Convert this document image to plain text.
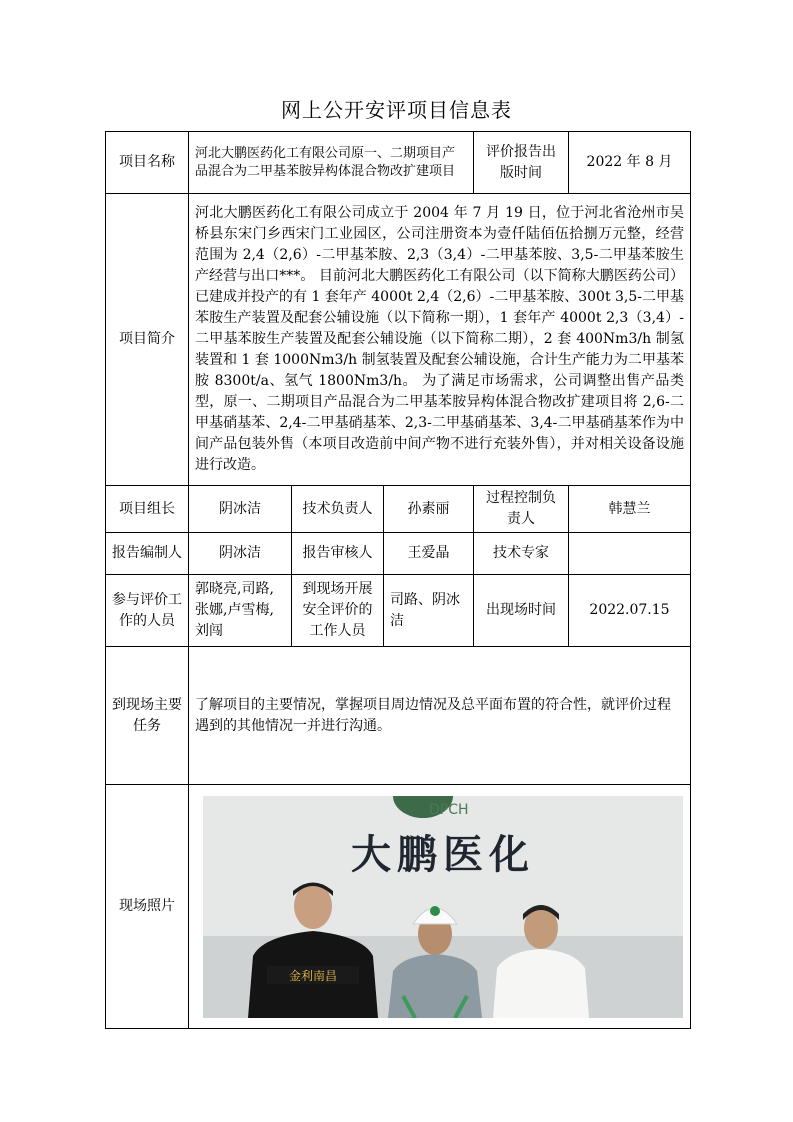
网上公开安评项目信息表
项目名称	河北大鹏医药化工有限公司原一、二期项目产品混合为二甲基苯胺异构体混合物改扩建项目			评价报告出版时间	2022 年 8 月
项目简介	河北大鹏医药化工有限公司成立于 2004 年 7 月 19 日，位于河北省沧州市吴桥县东宋门乡西宋门工业园区，公司注册资本为壹仟陆佰伍拾捌万元整，经营范围为 2,4（2,6）-二甲基苯胺、2,3（3,4）-二甲基苯胺、3,5-二甲基苯胺生产经营与出口***。 目前河北大鹏医药化工有限公司（以下简称大鹏医药公司）已建成并投产的有 1 套年产 4000t 2,4（2,6）-二甲基苯胺、300t 3,5-二甲基苯胺生产装置及配套公辅设施（以下简称一期），1 套年产 4000t 2,3（3,4）-二甲基苯胺生产装置及配套公辅设施（以下简称二期），2 套 400Nm3/h 制氢装置和 1 套 1000Nm3/h 制氢装置及配套公辅设施，合计生产能力为二甲基苯胺 8300t/a、氢气 1800Nm3/h。 为了满足市场需求，公司调整出售产品类型，原一、二期项目产品混合为二甲基苯胺异构体混合物改扩建项目将 2,6-二甲基硝基苯、2,4-二甲基硝基苯、2,3-二甲基硝基苯、3,4-二甲基硝基苯作为中间产品包装外售（本项目改造前中间产物不进行充装外售），并对相关设备设施进行改造。				
项目组长	阴冰洁	技术负责人	孙素丽	过程控制负责人	韩慧兰
报告编制人	阴冰洁	报告审核人	王爱晶	技术专家	
参与评价工作的人员	郭晓亮,司路,张娜,卢雪梅,刘闯	到现场开展安全评价的工作人员	司路、阴冰洁	出现场时间	2022.07.15
到现场主要任务	了解项目的主要情况，掌握项目周边情况及总平面布置的符合性，就评价过程遇到的其他情况一并进行沟通。				
现场照片	DPCH
大鹏医化
金利南昌				
